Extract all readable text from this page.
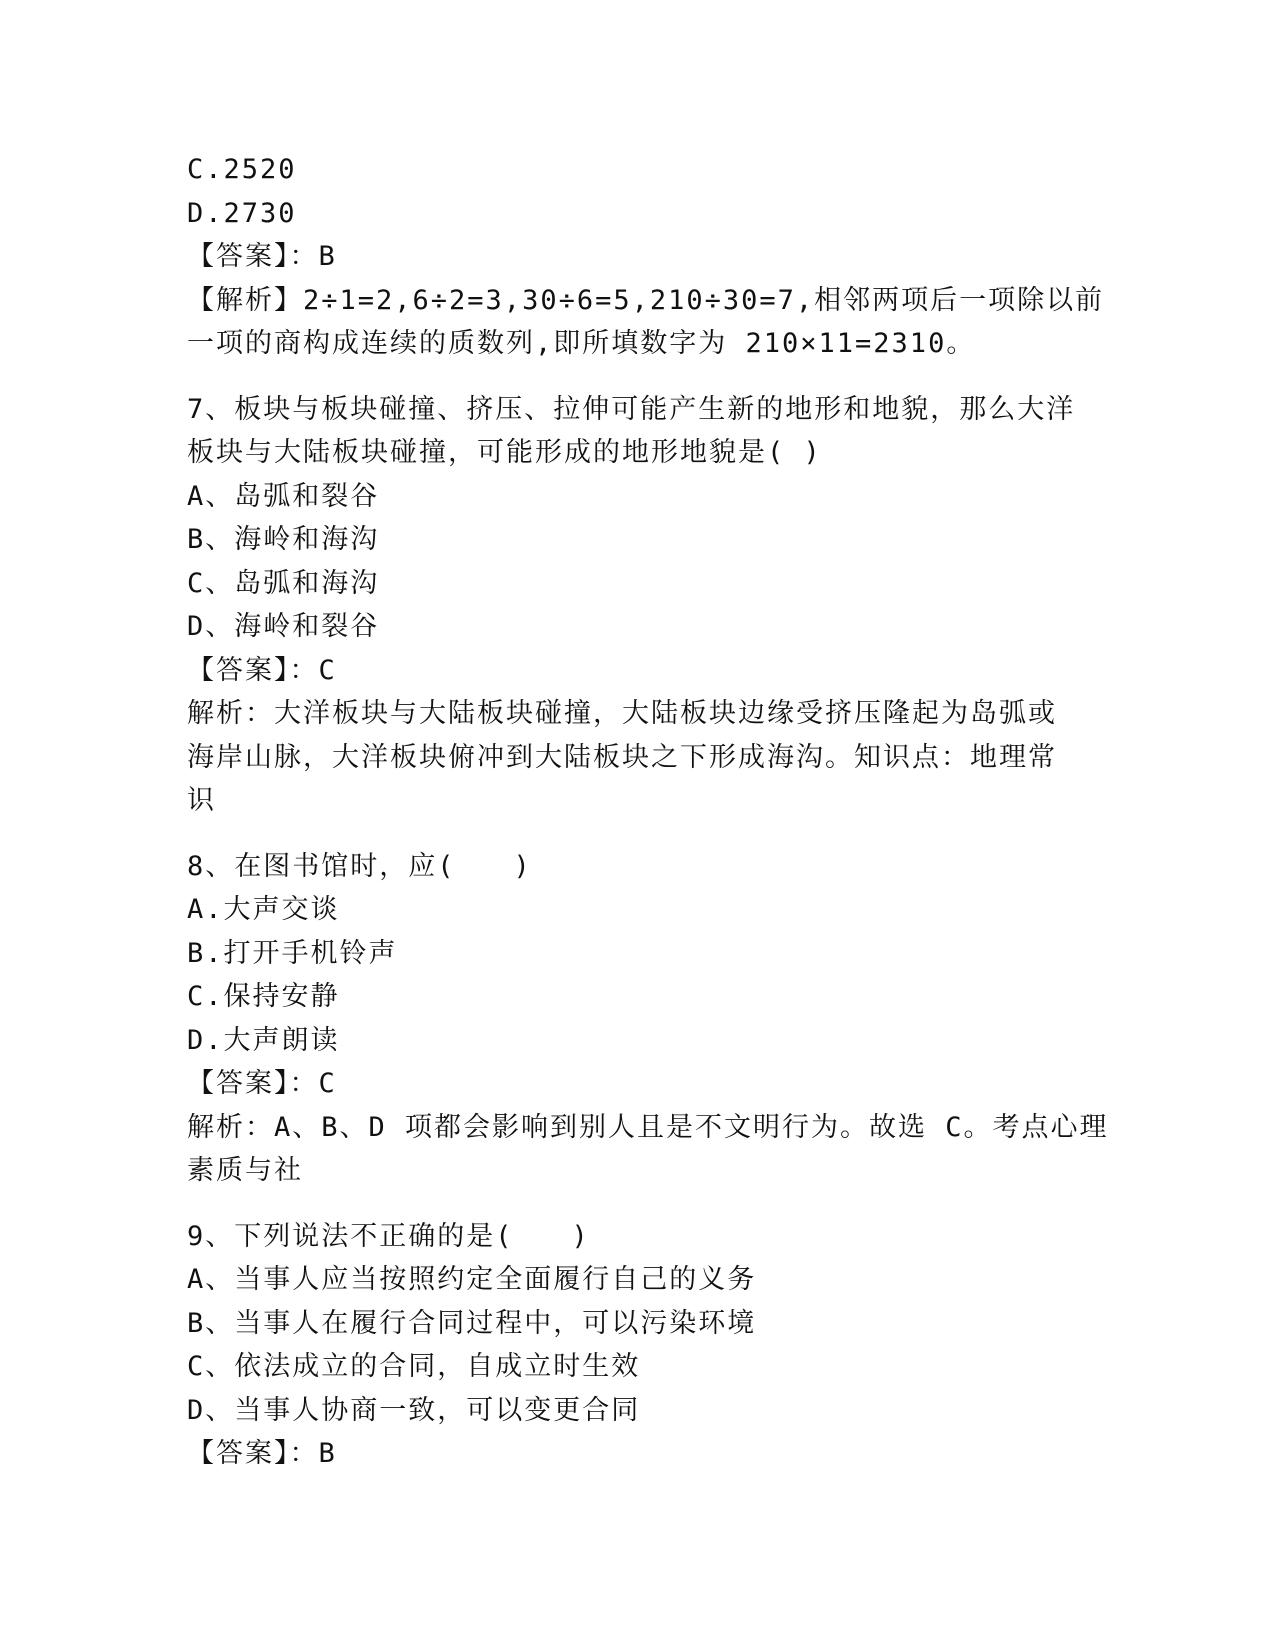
C.2520
D.2730
【答案】：B
【解析】2÷1=2,6÷2=3,30÷6=5,210÷30=7,相邻两项后一项除以前
一项的商构成连续的质数列,即所填数字为 210×11=2310。
7、板块与板块碰撞、挤压、拉伸可能产生新的地形和地貌，那么大洋
板块与大陆板块碰撞，可能形成的地形地貌是( )
A、岛弧和裂谷
B、海岭和海沟
C、岛弧和海沟
D、海岭和裂谷
【答案】：C
解析：大洋板块与大陆板块碰撞，大陆板块边缘受挤压隆起为岛弧或
海岸山脉，大洋板块俯冲到大陆板块之下形成海沟。知识点：地理常
识
8、在图书馆时，应(　　)
A.大声交谈
B.打开手机铃声
C.保持安静
D.大声朗读
【答案】：C
解析：A、B、D 项都会影响到别人且是不文明行为。故选 C。考点心理
素质与社
9、下列说法不正确的是(　　)
A、当事人应当按照约定全面履行自己的义务
B、当事人在履行合同过程中，可以污染环境
C、依法成立的合同，自成立时生效
D、当事人协商一致，可以变更合同
【答案】：B
